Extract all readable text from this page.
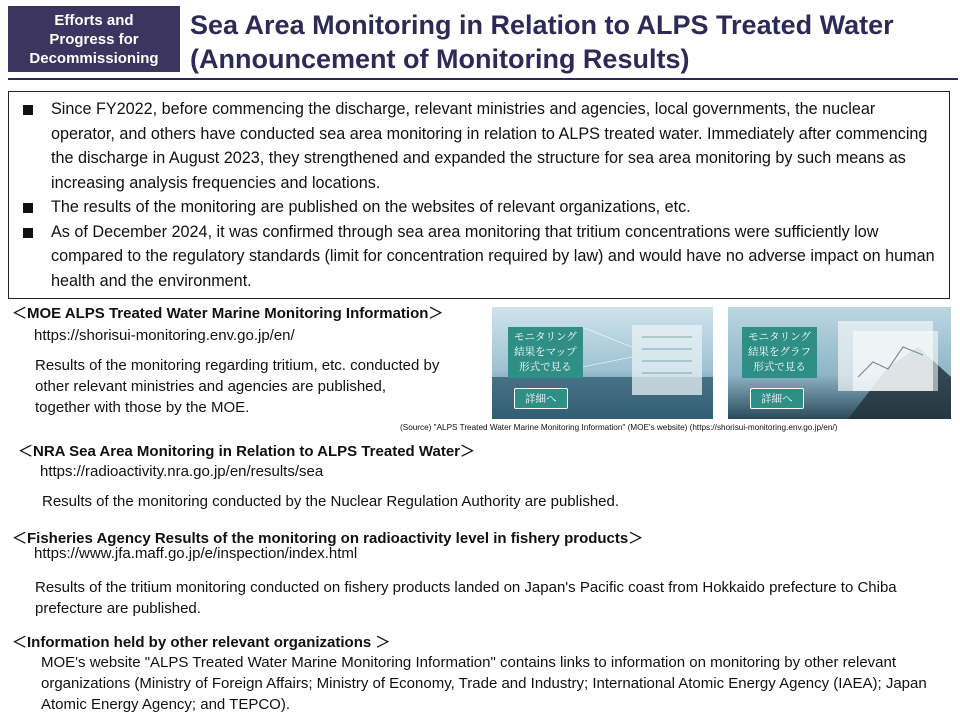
Efforts and
Progress for
Decommissioning
Sea Area Monitoring in Relation to ALPS Treated Water
(Announcement of Monitoring Results)

Since FY2022, before commencing the discharge, relevant ministries and agencies, local governments, the nuclear operator, and others have conducted sea area monitoring in relation to ALPS treated water. Immediately after commencing the discharge in August 2023, they strengthened and expanded the structure for sea area monitoring by such means as increasing analysis frequencies and locations.

The results of the monitoring are published on the websites of relevant organizations, etc.

As of December 2024, it was confirmed through sea area monitoring that tritium concentrations were sufficiently low compared to the regulatory standards (limit for concentration required by law) and would have no adverse impact on human health and the environment.

＜MOE ALPS Treated Water Marine Monitoring Information＞
https://shorisui-monitoring.env.go.jp/en/
Results of the monitoring regarding tritium, etc. conducted by other relevant ministries and agencies are published, together with those by the MOE.
モニタリング
結果をマップ
形式で見る
詳細へ
モニタリング
結果をグラフ
形式で見る
詳細へ
(Source) "ALPS Treated Water Marine Monitoring Information" (MOE's website) (https://shorisui-monitoring.env.go.jp/en/)
＜NRA Sea Area Monitoring in Relation to ALPS Treated Water＞
https://radioactivity.nra.go.jp/en/results/sea
Results of the monitoring conducted by the Nuclear Regulation Authority are published.
＜Fisheries Agency Results of the monitoring on radioactivity level in fishery products＞
https://www.jfa.maff.go.jp/e/inspection/index.html
Results of the tritium monitoring conducted on fishery products landed on Japan's Pacific coast from Hokkaido prefecture to Chiba prefecture are published.
＜Information held by other relevant organizations ＞
MOE's website "ALPS Treated Water Marine Monitoring Information" contains links to information on monitoring by other relevant organizations (Ministry of Foreign Affairs; Ministry of Economy, Trade and Industry; International Atomic Energy Agency (IAEA); Japan Atomic Energy Agency; and TEPCO).
